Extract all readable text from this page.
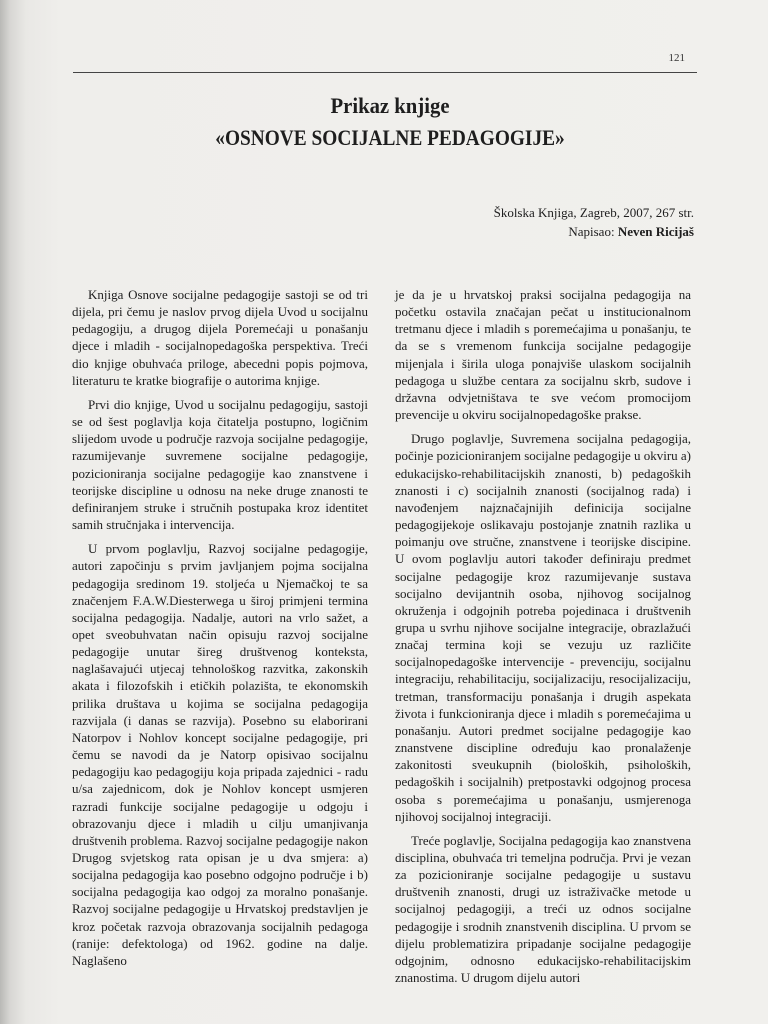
121
Prikaz knjige
«OSNOVE SOCIJALNE PEDAGOGIJE»
Školska Knjiga, Zagreb, 2007, 267 str.
Napisao: Neven Ricijaš

Knjiga Osnove socijalne pedagogije sastoji se od tri dijela, pri čemu je naslov prvog dijela Uvod u socijalnu pedagogiju, a drugog dijela Poremećaji u ponašanju djece i mladih - socijalnopedagoška perspektiva. Treći dio knjige obuhvaća priloge, abecedni popis pojmova, literaturu te kratke biografije o autorima knjige.

Prvi dio knjige, Uvod u socijalnu pedagogiju, sastoji se od šest poglavlja koja čitatelja postupno, logičnim slijedom uvode u područje razvoja socijalne pedagogije, razumijevanje suvremene socijalne pedagogije, pozicioniranja socijalne pedagogije kao znanstvene i teorijske discipline u odnosu na neke druge znanosti te definiranjem struke i stručnih postupaka kroz identitet samih stručnjaka i intervencija.

U prvom poglavlju, Razvoj socijalne pedagogije, autori započinju s prvim javljanjem pojma socijalna pedagogija sredinom 19. stoljeća u Njemačkoj te sa značenjem F.A.W.Diesterwega u široj primjeni termina socijalna pedagogija. Nadalje, autori na vrlo sažet, a opet sveobuhvatan način opisuju razvoj socijalne pedagogije unutar šireg društvenog konteksta, naglašavajući utjecaj tehnološkog razvitka, zakonskih akata i filozofskih i etičkih polazišta, te ekonomskih prilika društava u kojima se socijalna pedagogija razvijala (i danas se razvija). Posebno su elaborirani Natorpov i Nohlov koncept socijalne pedagogije, pri čemu se navodi da je Natorp opisivao socijalnu pedagogiju kao pedagogiju koja pripada zajednici - radu u/sa zajednicom, dok je Nohlov koncept usmjeren razradi funkcije socijalne pedagogije u odgoju i obrazovanju djece i mladih u cilju umanjivanja društvenih problema. Razvoj socijalne pedagogije nakon Drugog svjetskog rata opisan je u dva smjera: a) socijalna pedagogija kao posebno odgojno područje i b) socijalna pedagogija kao odgoj za moralno ponašanje. Razvoj socijalne pedagogije u Hrvatskoj predstavljen je kroz početak razvoja obrazovanja socijalnih pedagoga (ranije: defektologa) od 1962. godine na dalje. Naglašeno

je da je u hrvatskoj praksi socijalna pedagogija na početku ostavila značajan pečat u institucionalnom tretmanu djece i mladih s poremećajima u ponašanju, te da se s vremenom funkcija socijalne pedagogije mijenjala i širila uloga ponajviše ulaskom socijalnih pedagoga u službe centara za socijalnu skrb, sudove i državna odvjetništava te sve većom promocijom prevencije u okviru socijalnopedagoške prakse.

Drugo poglavlje, Suvremena socijalna pedagogija, počinje pozicioniranjem socijalne pedagogije u okviru a) edukacijsko-rehabilitacijskih znanosti, b) pedagoških znanosti i c) socijalnih znanosti (socijalnog rada) i navođenjem najznačajnijih definicija socijalne pedagogijekoje oslikavaju postojanje znatnih razlika u poimanju ove stručne, znanstvene i teorijske discipine. U ovom poglavlju autori također definiraju predmet socijalne pedagogije kroz razumijevanje sustava socijalno devijantnih osoba, njihovog socijalnog okruženja i odgojnih potreba pojedinaca i društvenih grupa u svrhu njihove socijalne integracije, obrazlažući značaj termina koji se vezuju uz različite socijalnopedagoške intervencije - prevenciju, socijalnu integraciju, rehabilitaciju, socijalizaciju, resocijalizaciju, tretman, transformaciju ponašanja i drugih aspekata života i funkcioniranja djece i mladih s poremećajima u ponašanju. Autori predmet socijalne pedagogije kao znanstvene discipline određuju kao pronalaženje zakonitosti sveukupnih (bioloških, psiholoških, pedagoških i socijalnih) pretpostavki odgojnog procesa osoba s poremećajima u ponašanju, usmjerenoga njihovoj socijalnoj integraciji.

Treće poglavlje, Socijalna pedagogija kao znanstvena disciplina, obuhvaća tri temeljna područja. Prvi je vezan za pozicioniranje socijalne pedagogije u sustavu društvenih znanosti, drugi uz istraživačke metode u socijalnoj pedagogiji, a treći uz odnos socijalne pedagogije i srodnih znanstvenih disciplina. U prvom se dijelu problematizira pripadanje socijalne pedagogije odgojnim, odnosno edukacijsko-rehabilitacijskim znanostima. U drugom dijelu autori
